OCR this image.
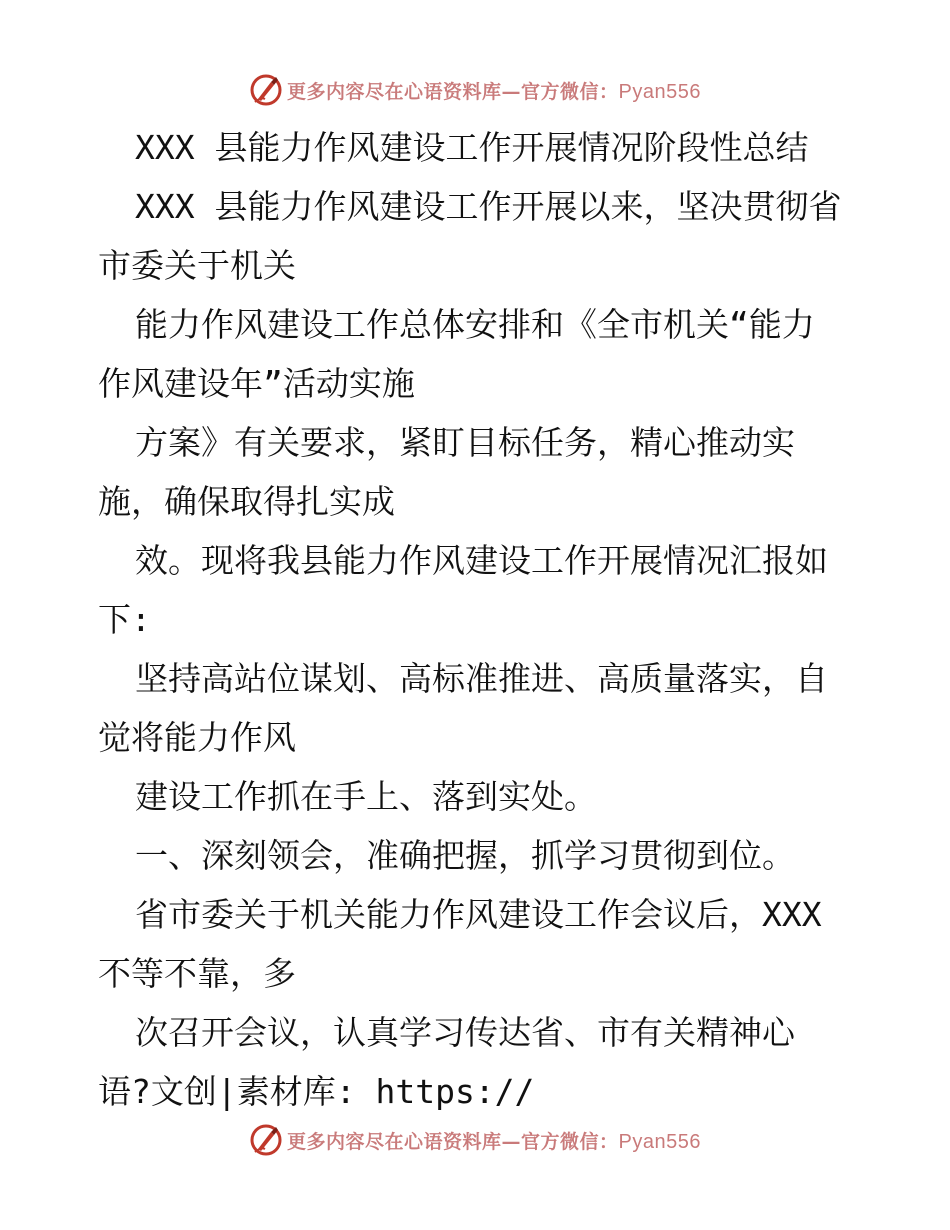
更多内容尽在心语资料库—官方微信：Pyan556
XXX 县能力作风建设工作开展情况阶段性总结
XXX 县能力作风建设工作开展以来，坚决贯彻省
市委关于机关
能力作风建设工作总体安排和《全市机关“能力
作风建设年”活动实施
方案》有关要求，紧盯目标任务，精心推动实
施，确保取得扎实成
效。现将我县能力作风建设工作开展情况汇报如
下:
坚持高站位谋划、高标准推进、高质量落实，自
觉将能力作风
建设工作抓在手上、落到实处。
一、深刻领会，准确把握，抓学习贯彻到位。
省市委关于机关能力作风建设工作会议后，XXX
不等不靠，多
次召开会议，认真学习传达省、市有关精神心
语?文创|素材库: https://
更多内容尽在心语资料库—官方微信：Pyan556
